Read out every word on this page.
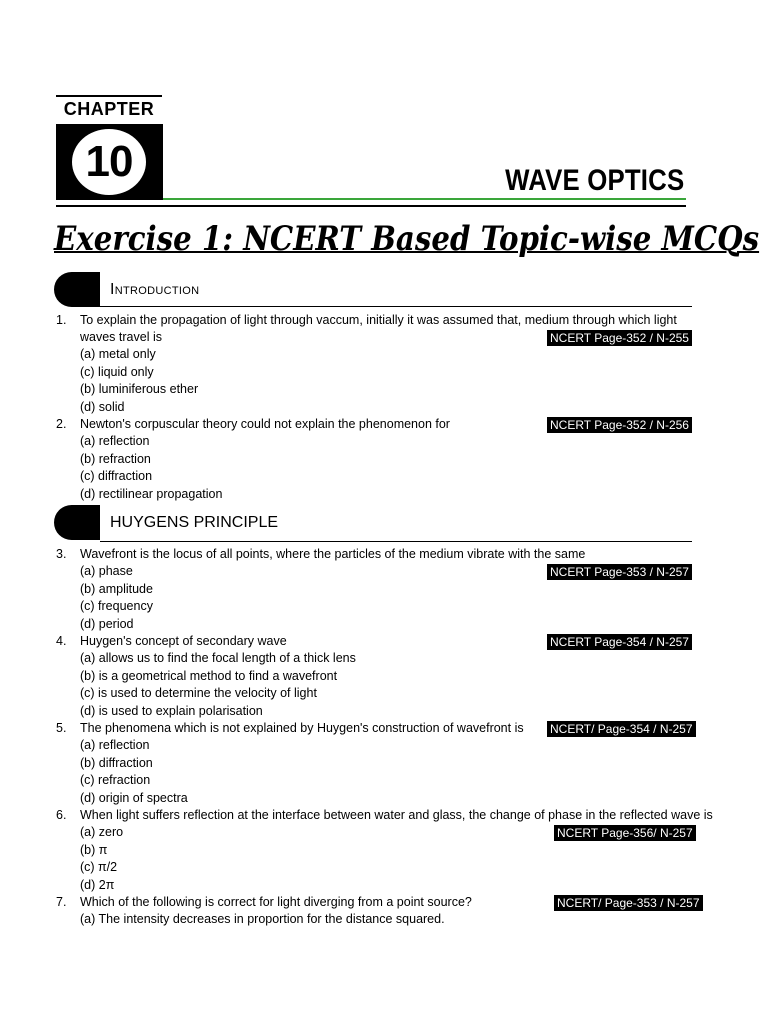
CHAPTER
10	WAVE OPTICS
Exercise 1: NCERT Based Topic-wise MCQs
Introduction
1. To explain the propagation of light through vaccum, initially it was assumed that, medium through which light
waves travel is	NCERT Page-352 / N-255
(a) metal only
(c) liquid only
(b) luminiferous ether
(d) solid
2. Newton's corpuscular theory could not explain the phenomenon for	NCERT Page-352 / N-256
(a) reflection
(b) refraction
(c) diffraction
(d) rectilinear propagation
HUYGENS PRINCIPLE
3. Wavefront is the locus of all points, where the particles of the medium vibrate with the same
NCERT Page-353 / N-257
(a) phase
(b) amplitude
(c) frequency
(d) period
4. Huygen's concept of secondary wave	NCERT Page-354 / N-257
(a) allows us to find the focal length of a thick lens
(b) is a geometrical method to find a wavefront
(c) is used to determine the velocity of light
(d) is used to explain polarisation
5. The phenomena which is not explained by Huygen's construction of wavefront is NCERT/ Page-354 / N-257
(a) reflection
(b) diffraction
(c) refraction
(d) origin of spectra
6. When light suffers reflection at the interface between water and glass, the change of phase in the reflected wave is
NCERT Page-356/ N-257
(a) zero
(b) π
(c) π/2
(d) 2π
7. Which of the following is correct for light diverging from a point source?	NCERT/ Page-353 / N-257
(a) The intensity decreases in proportion for the distance squared.
